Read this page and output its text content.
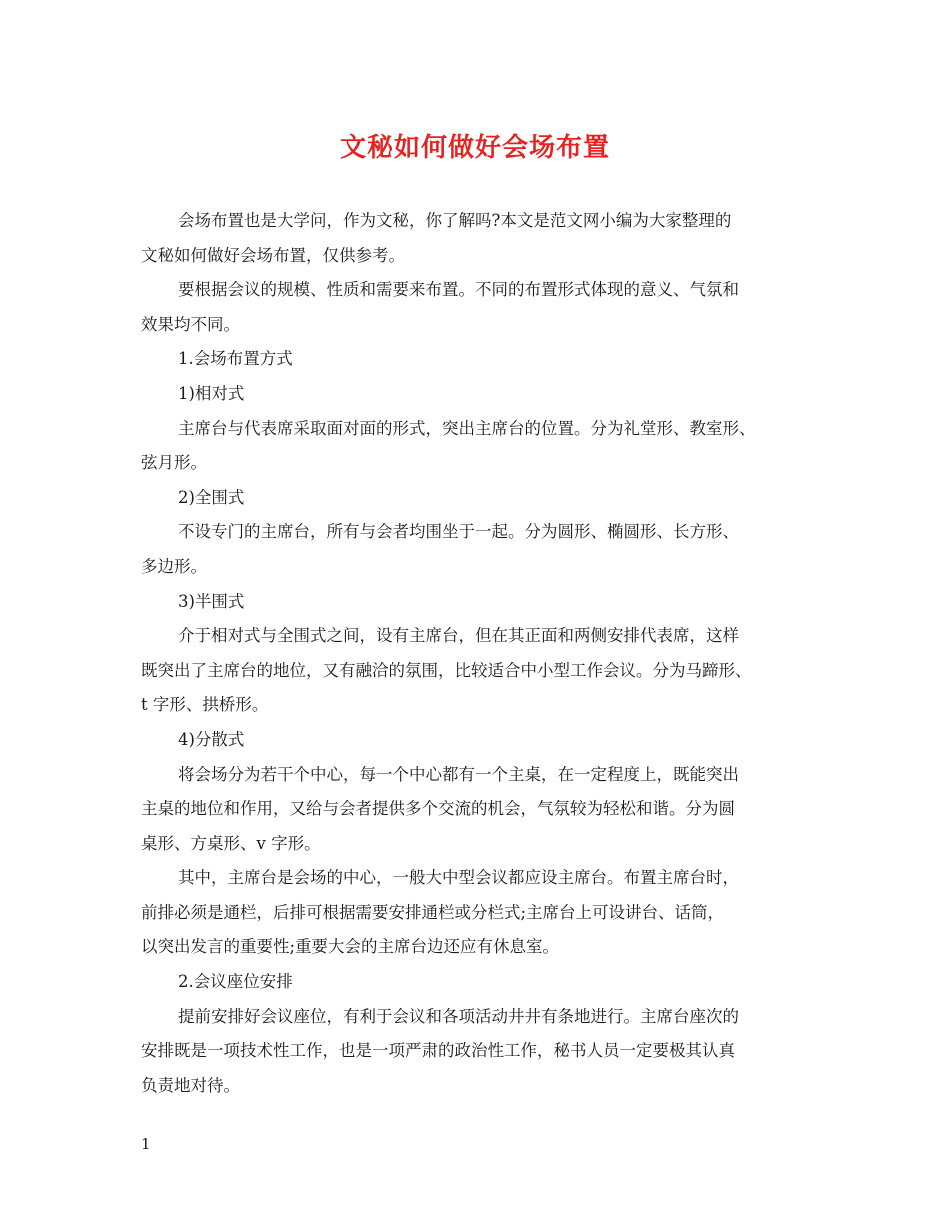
文秘如何做好会场布置
会场布置也是大学问，作为文秘，你了解吗?本文是范文网小编为大家整理的
文秘如何做好会场布置，仅供参考。
要根据会议的规模、性质和需要来布置。不同的布置形式体现的意义、气氛和
效果均不同。
1.会场布置方式
1)相对式
主席台与代表席采取面对面的形式，突出主席台的位置。分为礼堂形、教室形、
弦月形。
2)全围式
不设专门的主席台，所有与会者均围坐于一起。分为圆形、椭圆形、长方形、
多边形。
3)半围式
介于相对式与全围式之间，设有主席台，但在其正面和两侧安排代表席，这样
既突出了主席台的地位，又有融洽的氛围，比较适合中小型工作会议。分为马蹄形、
t 字形、拱桥形。
4)分散式
将会场分为若干个中心，每一个中心都有一个主桌，在一定程度上，既能突出
主桌的地位和作用，又给与会者提供多个交流的机会，气氛较为轻松和谐。分为圆
桌形、方桌形、v 字形。
其中，主席台是会场的中心，一般大中型会议都应设主席台。布置主席台时，
前排必须是通栏，后排可根据需要安排通栏或分栏式;主席台上可设讲台、话筒，
以突出发言的重要性;重要大会的主席台边还应有休息室。
2.会议座位安排
提前安排好会议座位，有利于会议和各项活动井井有条地进行。主席台座次的
安排既是一项技术性工作，也是一项严肃的政治性工作，秘书人员一定要极其认真
负责地对待。
1
